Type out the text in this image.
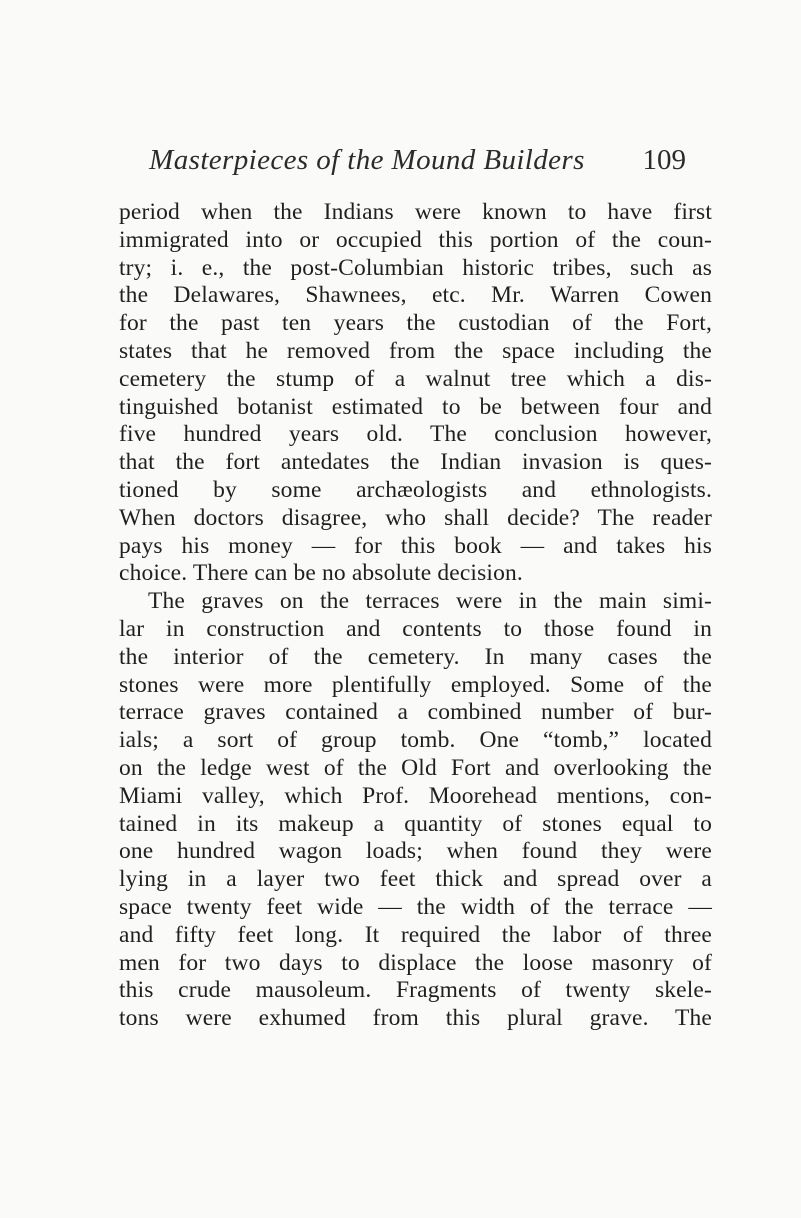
Masterpieces of the Mound Builders	109
period when the Indians were known to have first
immigrated into or occupied this portion of the coun-
try; i. e., the post-Columbian historic tribes, such as
the Delawares, Shawnees, etc. Mr. Warren Cowen
for the past ten years the custodian of the Fort,
states that he removed from the space including the
cemetery the stump of a walnut tree which a dis-
tinguished botanist estimated to be between four and
five hundred years old. The conclusion however,
that the fort antedates the Indian invasion is ques-
tioned by some archæologists and ethnologists.
When doctors disagree, who shall decide? The reader
pays his money — for this book — and takes his
choice. There can be no absolute decision.
The graves on the terraces were in the main simi-
lar in construction and contents to those found in
the interior of the cemetery. In many cases the
stones were more plentifully employed. Some of the
terrace graves contained a combined number of bur-
ials; a sort of group tomb. One “tomb,” located
on the ledge west of the Old Fort and overlooking the
Miami valley, which Prof. Moorehead mentions, con-
tained in its makeup a quantity of stones equal to
one hundred wagon loads; when found they were
lying in a layer two feet thick and spread over a
space twenty feet wide — the width of the terrace —
and fifty feet long. It required the labor of three
men for two days to displace the loose masonry of
this crude mausoleum. Fragments of twenty skele-
tons were exhumed from this plural grave. The
